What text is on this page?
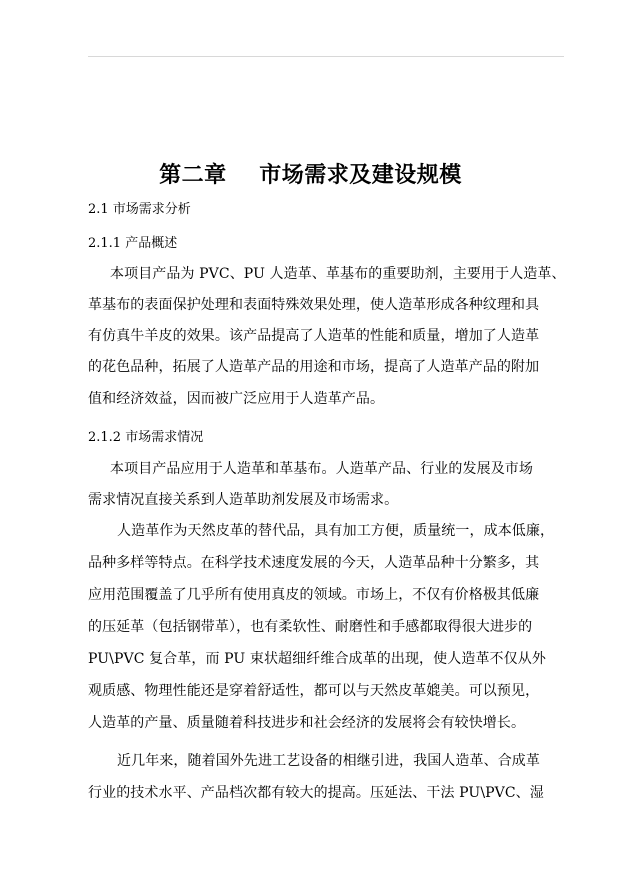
第二章    市场需求及建设规模
2.1 市场需求分析
2.1.1 产品概述
本项目产品为 PVC、PU 人造革、革基布的重要助剂，主要用于人造革、
革基布的表面保护处理和表面特殊效果处理，使人造革形成各种纹理和具
有仿真牛羊皮的效果。该产品提高了人造革的性能和质量，增加了人造革
的花色品种，拓展了人造革产品的用途和市场，提高了人造革产品的附加
值和经济效益，因而被广泛应用于人造革产品。
2.1.2 市场需求情况
本项目产品应用于人造革和革基布。人造革产品、行业的发展及市场
需求情况直接关系到人造革助剂发展及市场需求。
人造革作为天然皮革的替代品，具有加工方便，质量统一，成本低廉，
品种多样等特点。在科学技术速度发展的今天，人造革品种十分繁多，其
应用范围覆盖了几乎所有使用真皮的领域。市场上，不仅有价格极其低廉
的压延革（包括钢带革），也有柔软性、耐磨性和手感都取得很大进步的
PU\PVC 复合革，而 PU 束状超细纤维合成革的出现，使人造革不仅从外
观质感、物理性能还是穿着舒适性，都可以与天然皮革媲美。可以预见，
人造革的产量、质量随着科技进步和社会经济的发展将会有较快增长。
近几年来，随着国外先进工艺设备的相继引进，我国人造革、合成革
行业的技术水平、产品档次都有较大的提高。压延法、干法 PU\PVC、湿
